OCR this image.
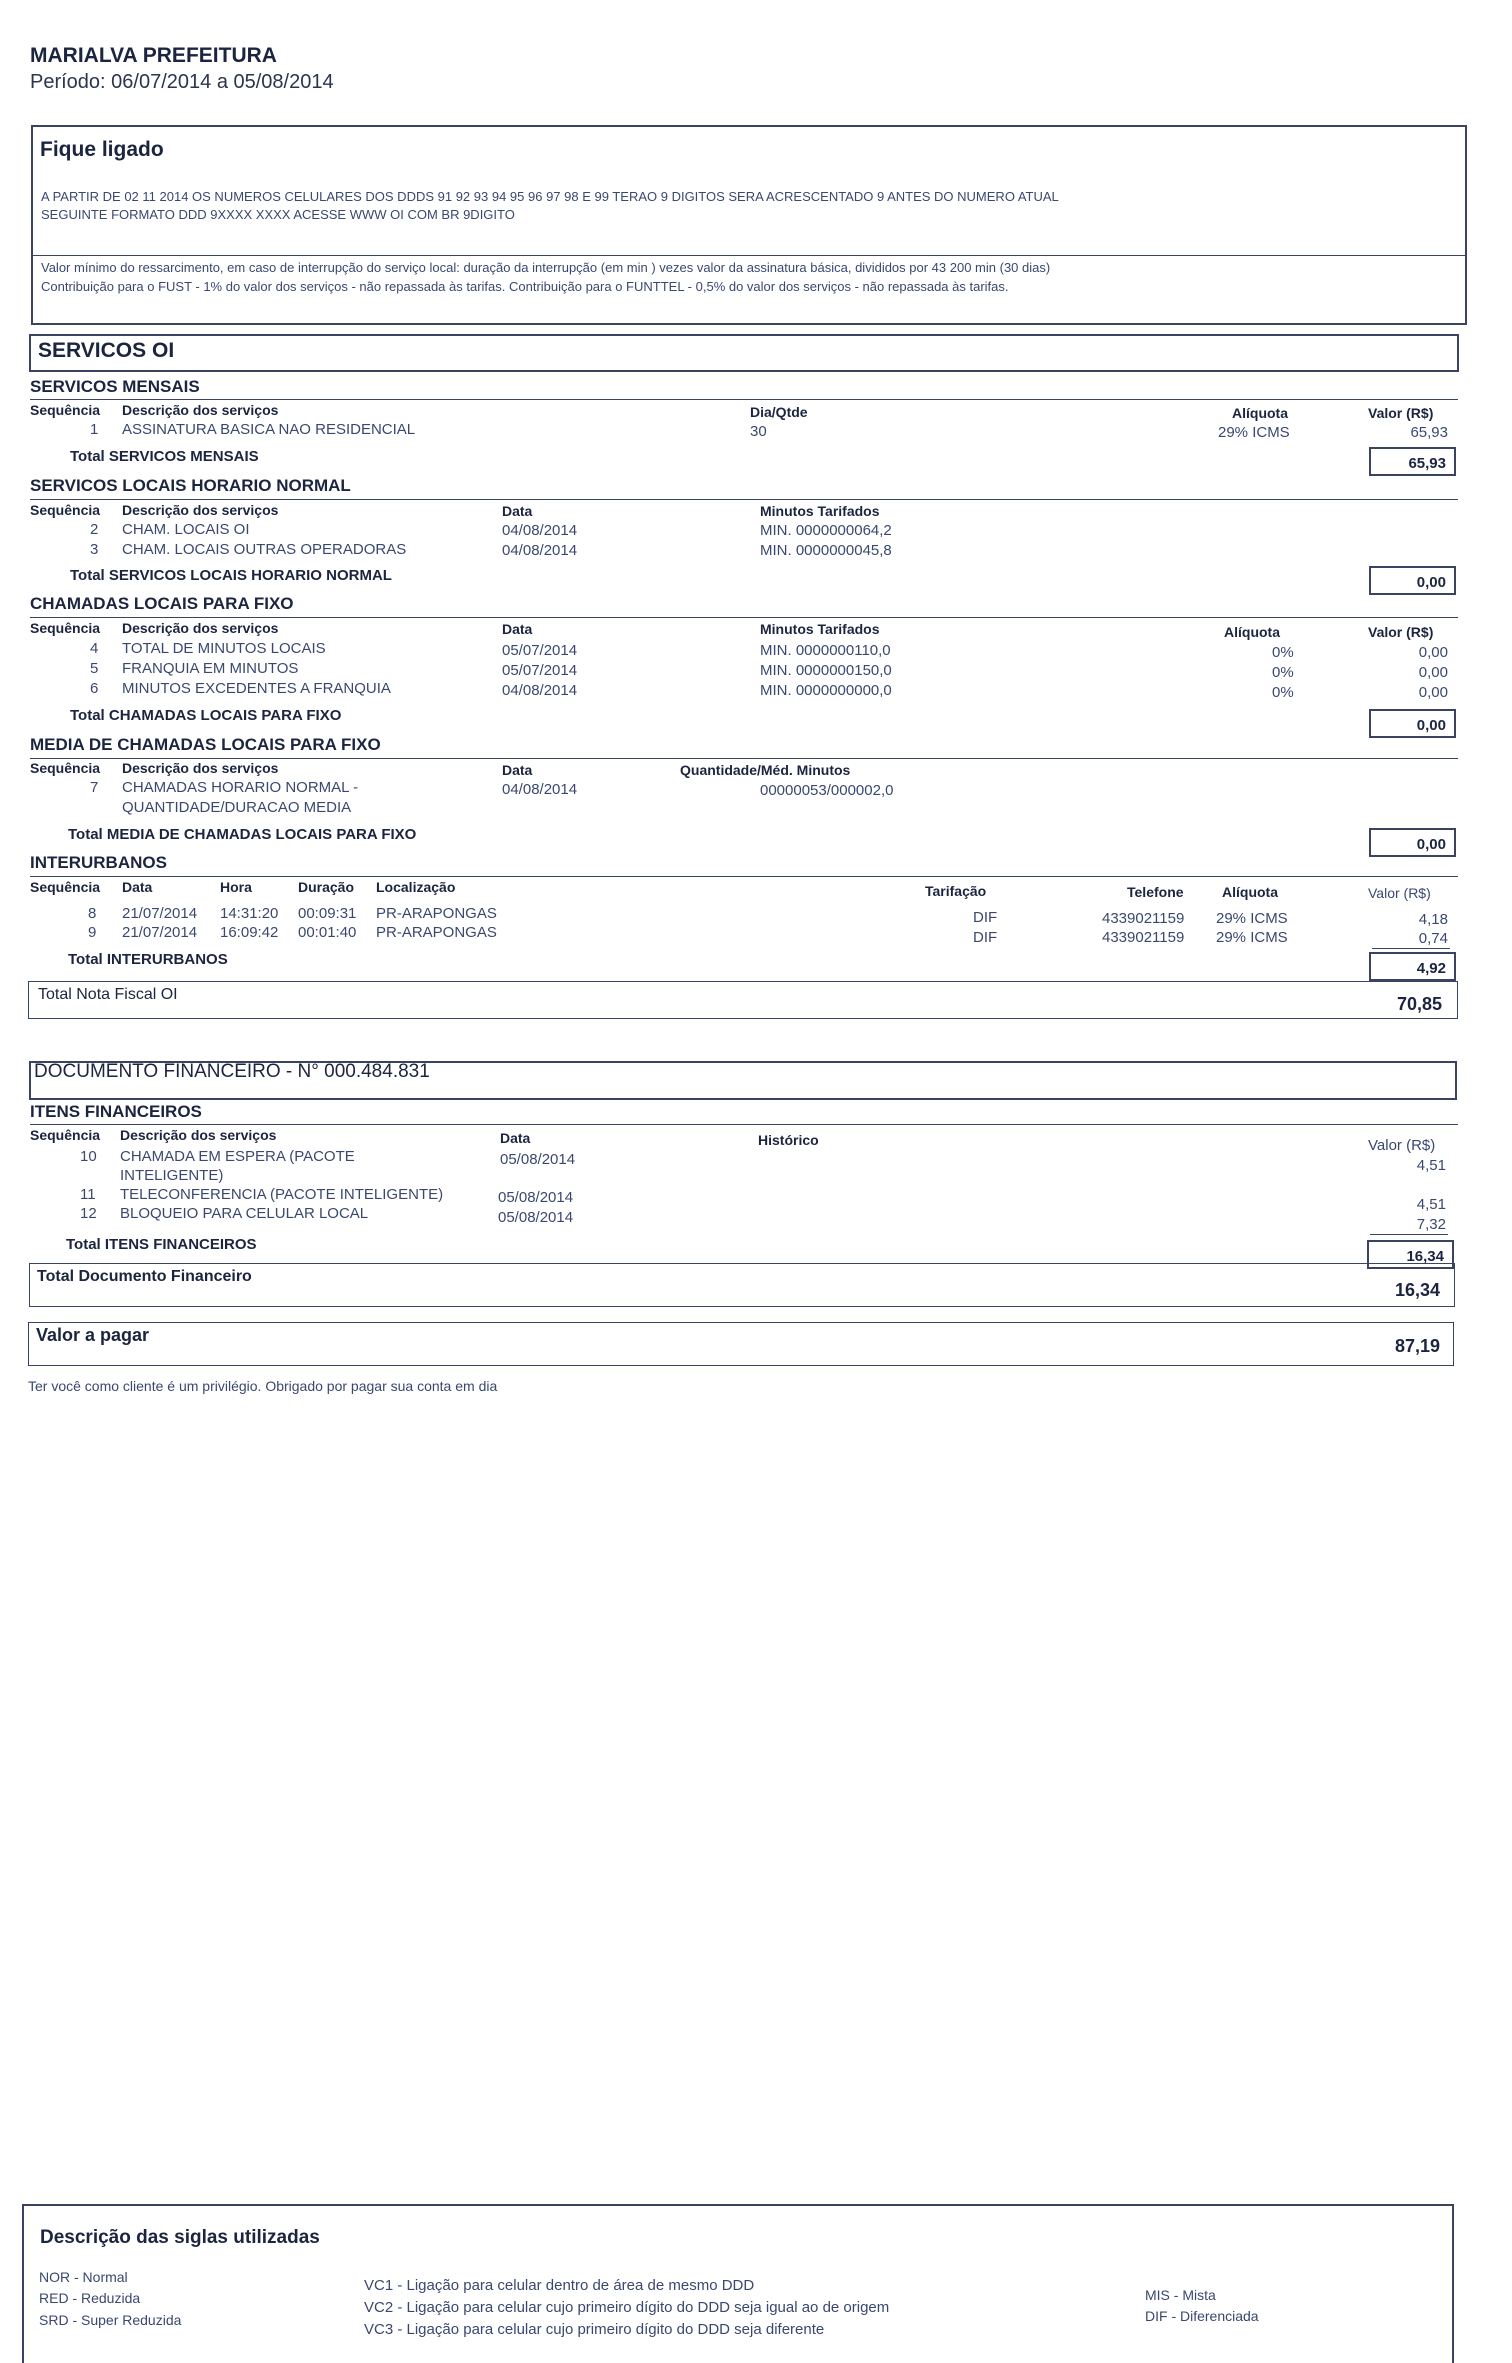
MARIALVA PREFEITURA
Período: 06/07/2014 a 05/08/2014
Fique ligado
A PARTIR DE 02 11 2014 OS NUMEROS CELULARES DOS DDDS 91 92 93 94 95 96 97 98 E 99 TERAO 9 DIGITOS SERA ACRESCENTADO 9 ANTES DO NUMERO ATUAL
SEGUINTE FORMATO DDD 9XXXX XXXX ACESSE WWW OI COM BR 9DIGITO
Valor mínimo do ressarcimento, em caso de interrupção do serviço local: duração da interrupção (em min ) vezes valor da assinatura básica, divididos por 43 200 min (30 dias)
Contribuição para o FUST - 1% do valor dos serviços - não repassada às tarifas. Contribuição para o FUNTTEL - 0,5% do valor dos serviços - não repassada às tarifas.
SERVICOS OI
SERVICOS MENSAIS
Sequência Descrição dos serviços	Dia/Qtde	Alíquota	Valor (R$)
1 ASSINATURA BASICA NAO RESIDENCIAL	30	29% ICMS	65,93
Total SERVICOS MENSAIS	65,93
SERVICOS LOCAIS HORARIO NORMAL
Sequência Descrição dos serviços	Data	Minutos Tarifados
2 CHAM. LOCAIS OI	04/08/2014	MIN. 0000000064,2
3 CHAM. LOCAIS OUTRAS OPERADORAS	04/08/2014	MIN. 0000000045,8
Total SERVICOS LOCAIS HORARIO NORMAL	0,00
CHAMADAS LOCAIS PARA FIXO
Sequência Descrição dos serviços	Data	Minutos Tarifados	Alíquota	Valor (R$)
4 TOTAL DE MINUTOS LOCAIS	05/07/2014	MIN. 0000000110,0	0%	0,00
5 FRANQUIA EM MINUTOS	05/07/2014	MIN. 0000000150,0	0%	0,00
6 MINUTOS EXCEDENTES A FRANQUIA	04/08/2014	MIN. 0000000000,0	0%	0,00
Total CHAMADAS LOCAIS PARA FIXO
0,00
MEDIA DE CHAMADAS LOCAIS PARA FIXO
Sequência Descrição dos serviços	Data	Quantidade/Méd. Minutos
7 CHAMADAS HORARIO NORMAL -
QUANTIDADE/DURACAO MEDIA
04/08/2014	00000053/000002,0
Total MEDIA DE CHAMADAS LOCAIS PARA FIXO
0,00
INTERURBANOS
Sequência Data	Hora	Duração Localização	Tarifação	Telefone	Alíquota	Valor (R$)
8 21/07/2014 14:31:20 00:09:31 PR-ARAPONGAS	DIF	4339021159 29% ICMS	4,18
9 21/07/2014 16:09:42 00:01:40 PR-ARAPONGAS	DIF	4339021159 29% ICMS	0,74
Total INTERURBANOS
4,92
Total Nota Fiscal OI	70,85
DOCUMENTO FINANCEIRO - N° 000.484.831
ITENS FINANCEIROS
Sequência Descrição dos serviços	Data	Histórico	Valor (R$)
10 CHAMADA EM ESPERA (PACOTE
INTELIGENTE)
05/08/2014	4,51
11 TELECONFERENCIA (PACOTE INTELIGENTE)	05/08/2014	4,51
12 BLOQUEIO PARA CELULAR LOCAL	05/08/2014	7,32
Total ITENS FINANCEIROS
16,34
Total Documento Financeiro
16,34
Valor a pagar
87,19
Ter você como cliente é um privilégio. Obrigado por pagar sua conta em dia
Descrição das siglas utilizadas
NOR - Normal
RED - Reduzida
SRD - Super Reduzida
VC1 - Ligação para celular dentro de área de mesmo DDD
VC2 - Ligação para celular cujo primeiro dígito do DDD seja igual ao de origem
VC3 - Ligação para celular cujo primeiro dígito do DDD seja diferente
MIS - Mista
DIF - Diferenciada
